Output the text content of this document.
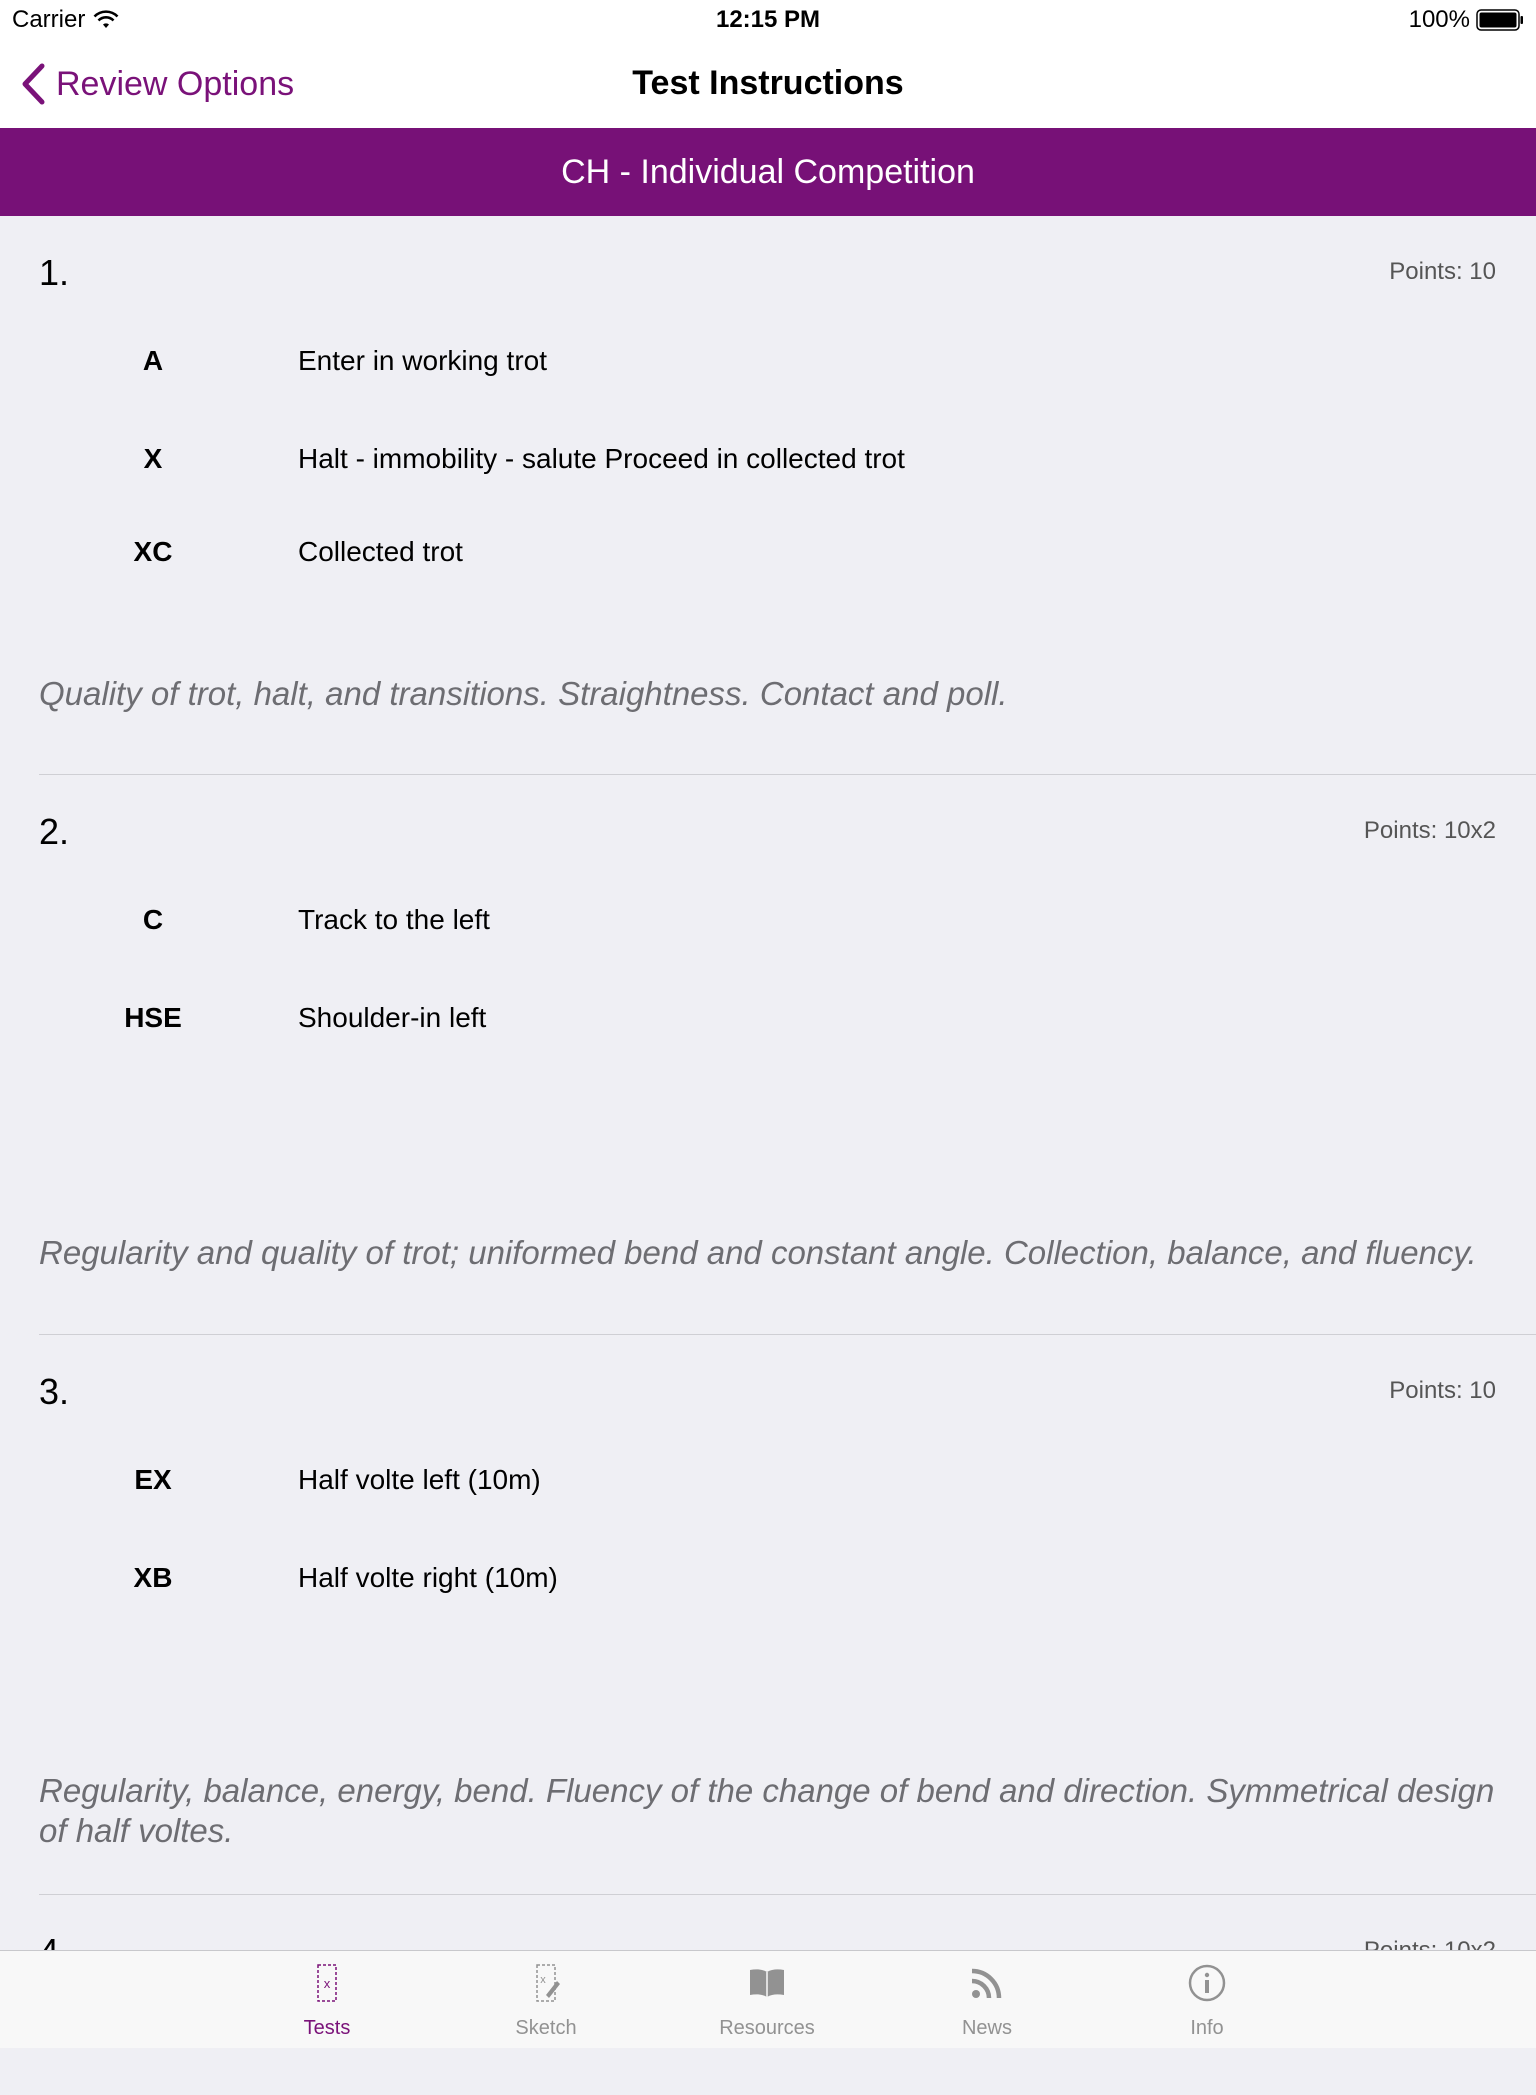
Carrier	12:15 PM	100%
Review Options	Test Instructions
CH - Individual Competition
1.	Points: 10
A	Enter in working trot
X	Halt - immobility - salute Proceed in collected trot
XC	Collected trot
Quality of trot, halt, and transitions. Straightness. Contact and poll.
2.	Points: 10x2
C	Track to the left
HSE	Shoulder-in left
Regularity and quality of trot; uniformed bend and constant angle. Collection, balance, and fluency.
3.	Points: 10
EX	Half volte left (10m)
XB	Half volte right (10m)
Regularity, balance, energy, bend. Fluency of the change of bend and direction. Symmetrical design of half voltes.
x
Tests
x
Sketch	Resources	News	Info
